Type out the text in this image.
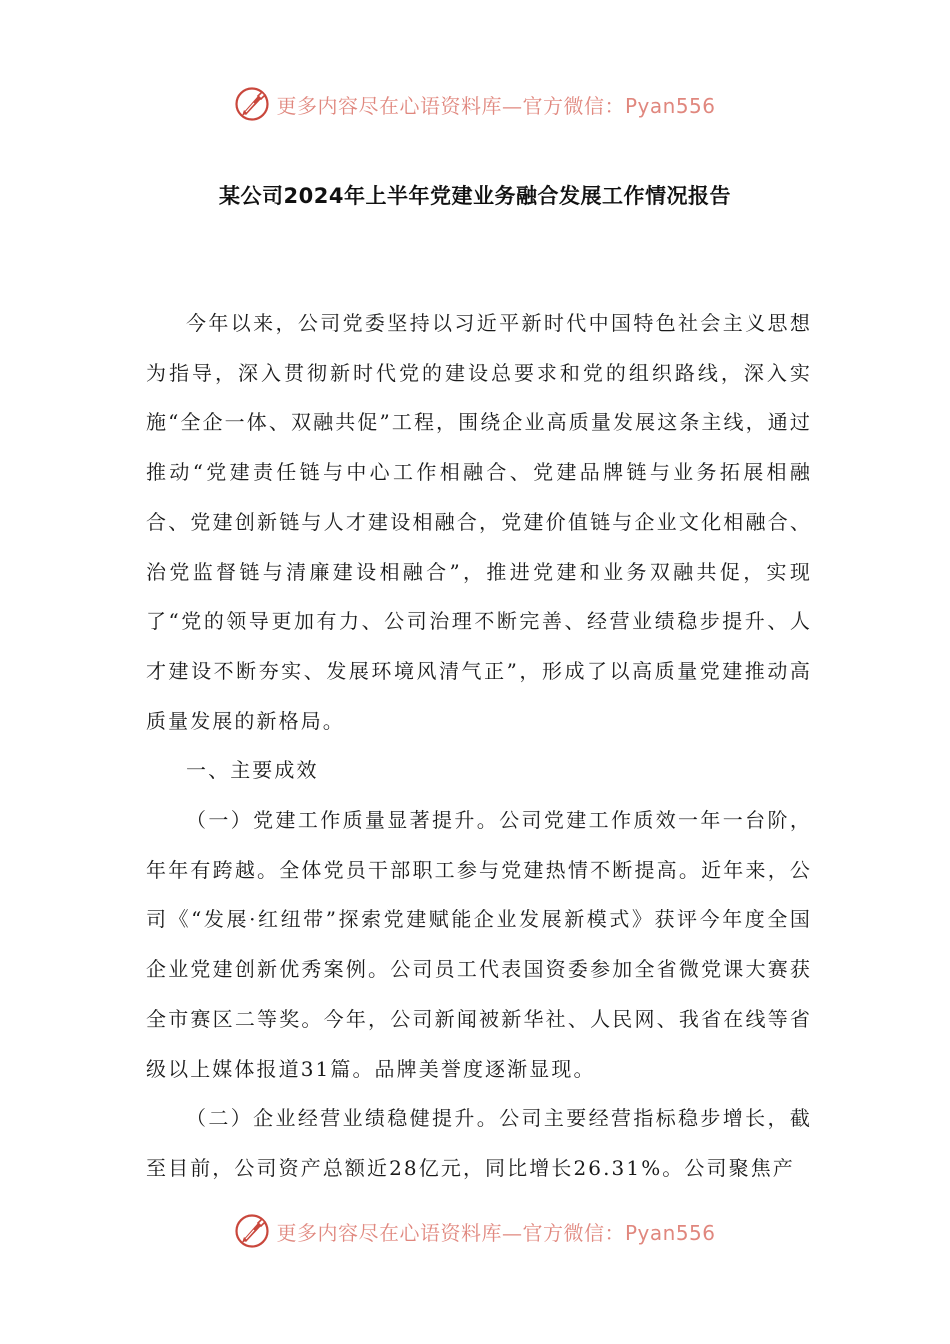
更多内容尽在心语资料库—官方微信：Pyan556
某公司2024年上半年党建业务融合发展工作情况报告

今年以来，公司党委坚持以习近平新时代中国特色社会主义思想为指导，深入贯彻新时代党的建设总要求和党的组织路线，深入实施“全企一体、双融共促”工程，围绕企业高质量发展这条主线，通过推动“党建责任链与中心工作相融合、党建品牌链与业务拓展相融合、党建创新链与人才建设相融合，党建价值链与企业文化相融合、治党监督链与清廉建设相融合”，推进党建和业务双融共促，实现了“党的领导更加有力、公司治理不断完善、经营业绩稳步提升、人才建设不断夯实、发展环境风清气正”，形成了以高质量党建推动高质量发展的新格局。

一、主要成效

（一）党建工作质量显著提升。公司党建工作质效一年一台阶，年年有跨越。全体党员干部职工参与党建热情不断提高。近年来，公司《“发展·红纽带”探索党建赋能企业发展新模式》获评今年度全国企业党建创新优秀案例。公司员工代表国资委参加全省微党课大赛获全市赛区二等奖。今年，公司新闻被新华社、人民网、我省在线等省级以上媒体报道31篇。品牌美誉度逐渐显现。

（二）企业经营业绩稳健提升。公司主要经营指标稳步增长，截至目前，公司资产总额近28亿元，同比增长26.31%。公司聚焦产

更多内容尽在心语资料库—官方微信：Pyan556
